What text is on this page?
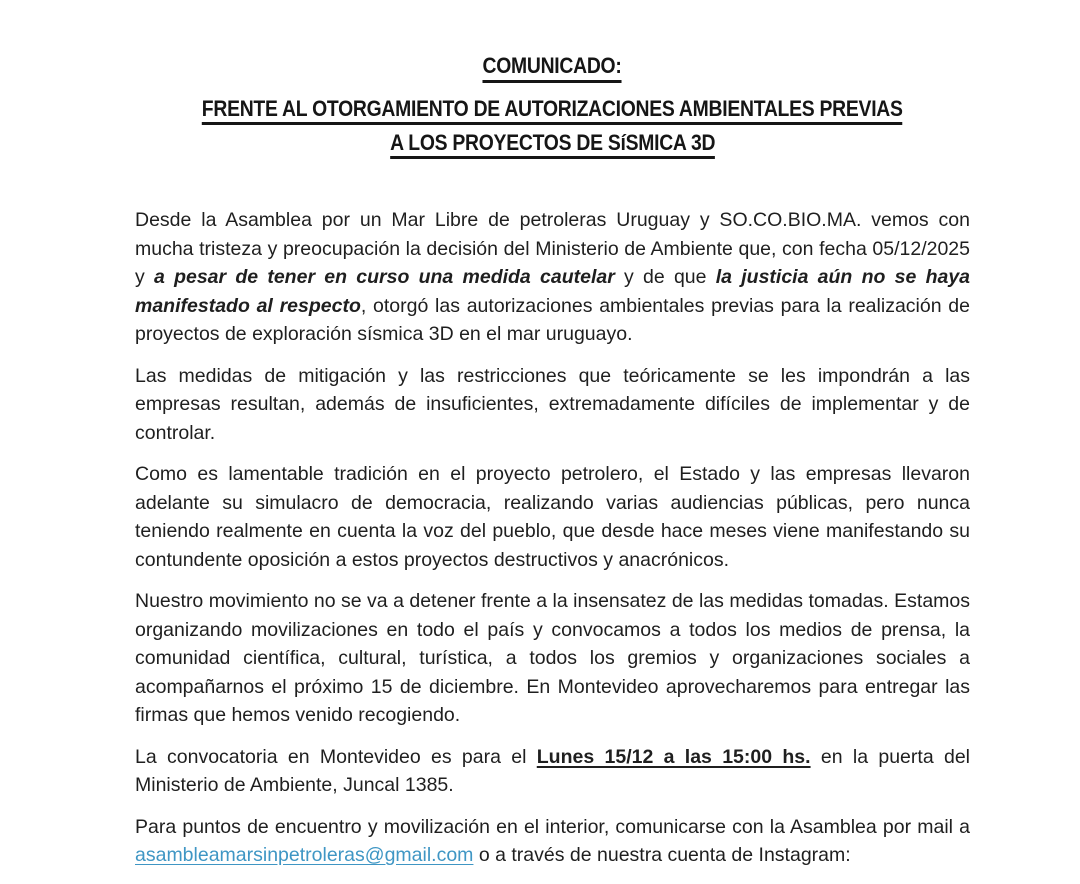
COMUNICADO:
FRENTE AL OTORGAMIENTO DE AUTORIZACIONES AMBIENTALES PREVIAS
A LOS PROYECTOS DE SíSMICA 3D

Desde la Asamblea por un Mar Libre de petroleras Uruguay y SO.CO.BIO.MA. vemos con mucha tristeza y preocupación la decisión del Ministerio de Ambiente que, con fecha 05/12/2025 y a pesar de tener en curso una medida cautelar y de que la justicia aún no se haya manifestado al respecto, otorgó las autorizaciones ambientales previas para la realización de proyectos de exploración sísmica 3D en el mar uruguayo.

Las medidas de mitigación y las restricciones que teóricamente se les impondrán a las empresas resultan, además de insuficientes, extremadamente difíciles de implementar y de controlar.

Como es lamentable tradición en el proyecto petrolero, el Estado y las empresas llevaron adelante su simulacro de democracia, realizando varias audiencias públicas, pero nunca teniendo realmente en cuenta la voz del pueblo, que desde hace meses viene manifestando su contundente oposición a estos proyectos destructivos y anacrónicos.

Nuestro movimiento no se va a detener frente a la insensatez de las medidas tomadas. Estamos organizando movilizaciones en todo el país y convocamos a todos los medios de prensa, la comunidad científica, cultural, turística, a todos los gremios y organizaciones sociales a acompañarnos el próximo 15 de diciembre. En Montevideo aprovecharemos para entregar las firmas que hemos venido recogiendo.

La convocatoria en Montevideo es para el Lunes 15/12 a las 15:00 hs. en la puerta del Ministerio de Ambiente, Juncal 1385.

Para puntos de encuentro y movilización en el interior, comunicarse con la Asamblea por mail a asambleamarsinpetroleras@gmail.com o a través de nuestra cuenta de Instagram:
